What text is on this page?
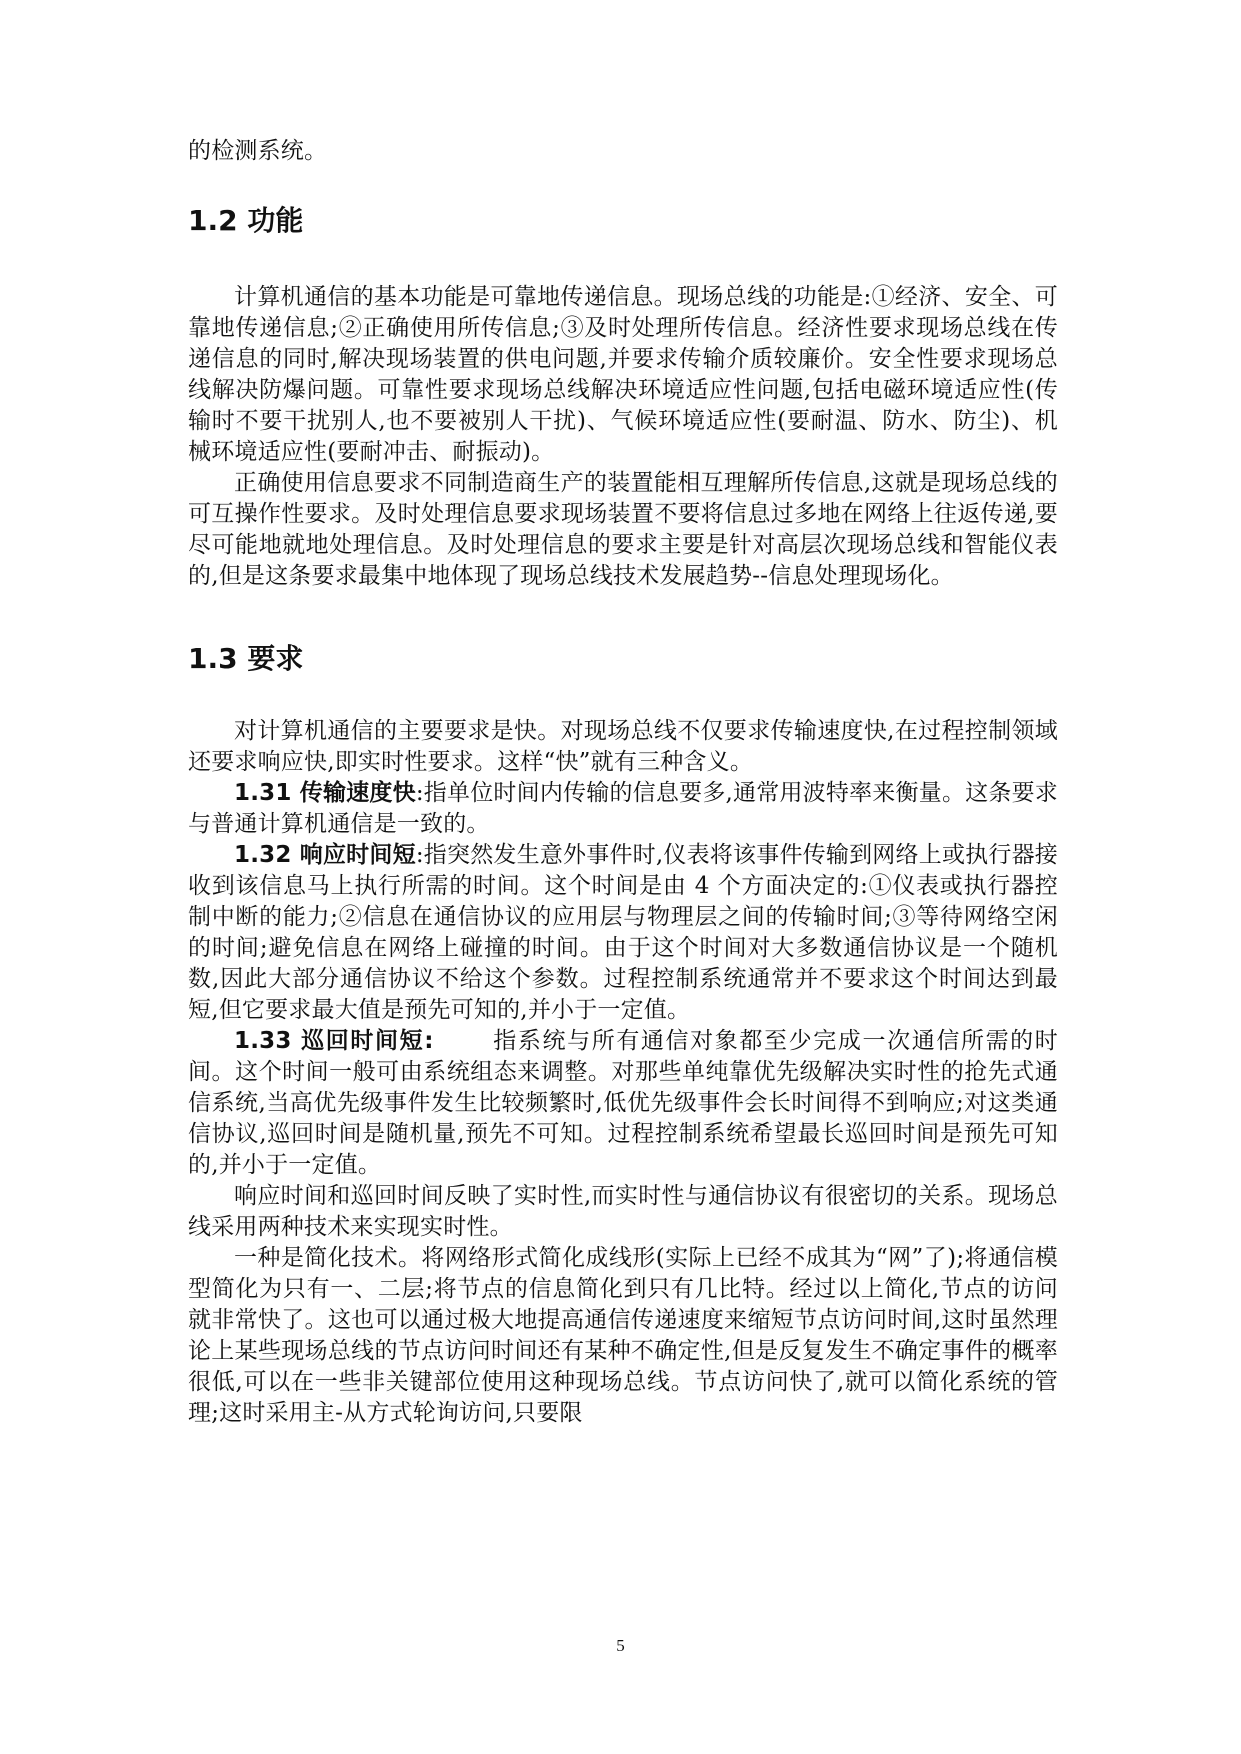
的检测系统。

1.2 功能

计算机通信的基本功能是可靠地传递信息。现场总线的功能是:①经济、安全、可靠地传递信息;②正确使用所传信息;③及时处理所传信息。经济性要求现场总线在传递信息的同时,解决现场装置的供电问题,并要求传输介质较廉价。安全性要求现场总线解决防爆问题。可靠性要求现场总线解决环境适应性问题,包括电磁环境适应性(传输时不要干扰别人,也不要被别人干扰)、气候环境适应性(要耐温、防水、防尘)、机械环境适应性(要耐冲击、耐振动)。

正确使用信息要求不同制造商生产的装置能相互理解所传信息,这就是现场总线的可互操作性要求。及时处理信息要求现场装置不要将信息过多地在网络上往返传递,要尽可能地就地处理信息。及时处理信息的要求主要是针对高层次现场总线和智能仪表的,但是这条要求最集中地体现了现场总线技术发展趋势--信息处理现场化。

1.3 要求

对计算机通信的主要要求是快。对现场总线不仅要求传输速度快,在过程控制领域还要求响应快,即实时性要求。这样“快”就有三种含义。

1.31 传输速度快:指单位时间内传输的信息要多,通常用波特率来衡量。这条要求与普通计算机通信是一致的。

1.32 响应时间短:指突然发生意外事件时,仪表将该事件传输到网络上或执行器接收到该信息马上执行所需的时间。这个时间是由 4 个方面决定的:①仪表或执行器控制中断的能力;②信息在通信协议的应用层与物理层之间的传输时间;③等待网络空闲的时间;避免信息在网络上碰撞的时间。由于这个时间对大多数通信协议是一个随机数,因此大部分通信协议不给这个参数。过程控制系统通常并不要求这个时间达到最短,但它要求最大值是预先可知的,并小于一定值。

1.33 巡回时间短:　　 指系统与所有通信对象都至少完成一次通信所需的时间。这个时间一般可由系统组态来调整。对那些单纯靠优先级解决实时性的抢先式通信系统,当高优先级事件发生比较频繁时,低优先级事件会长时间得不到响应;对这类通信协议,巡回时间是随机量,预先不可知。过程控制系统希望最长巡回时间是预先可知的,并小于一定值。

响应时间和巡回时间反映了实时性,而实时性与通信协议有很密切的关系。现场总线采用两种技术来实现实时性。

一种是简化技术。将网络形式简化成线形(实际上已经不成其为“网”了);将通信模型简化为只有一、二层;将节点的信息简化到只有几比特。经过以上简化,节点的访问就非常快了。这也可以通过极大地提高通信传递速度来缩短节点访问时间,这时虽然理论上某些现场总线的节点访问时间还有某种不确定性,但是反复发生不确定事件的概率很低,可以在一些非关键部位使用这种现场总线。节点访问快了,就可以简化系统的管理;这时采用主-从方式轮询访问,只要限

5
